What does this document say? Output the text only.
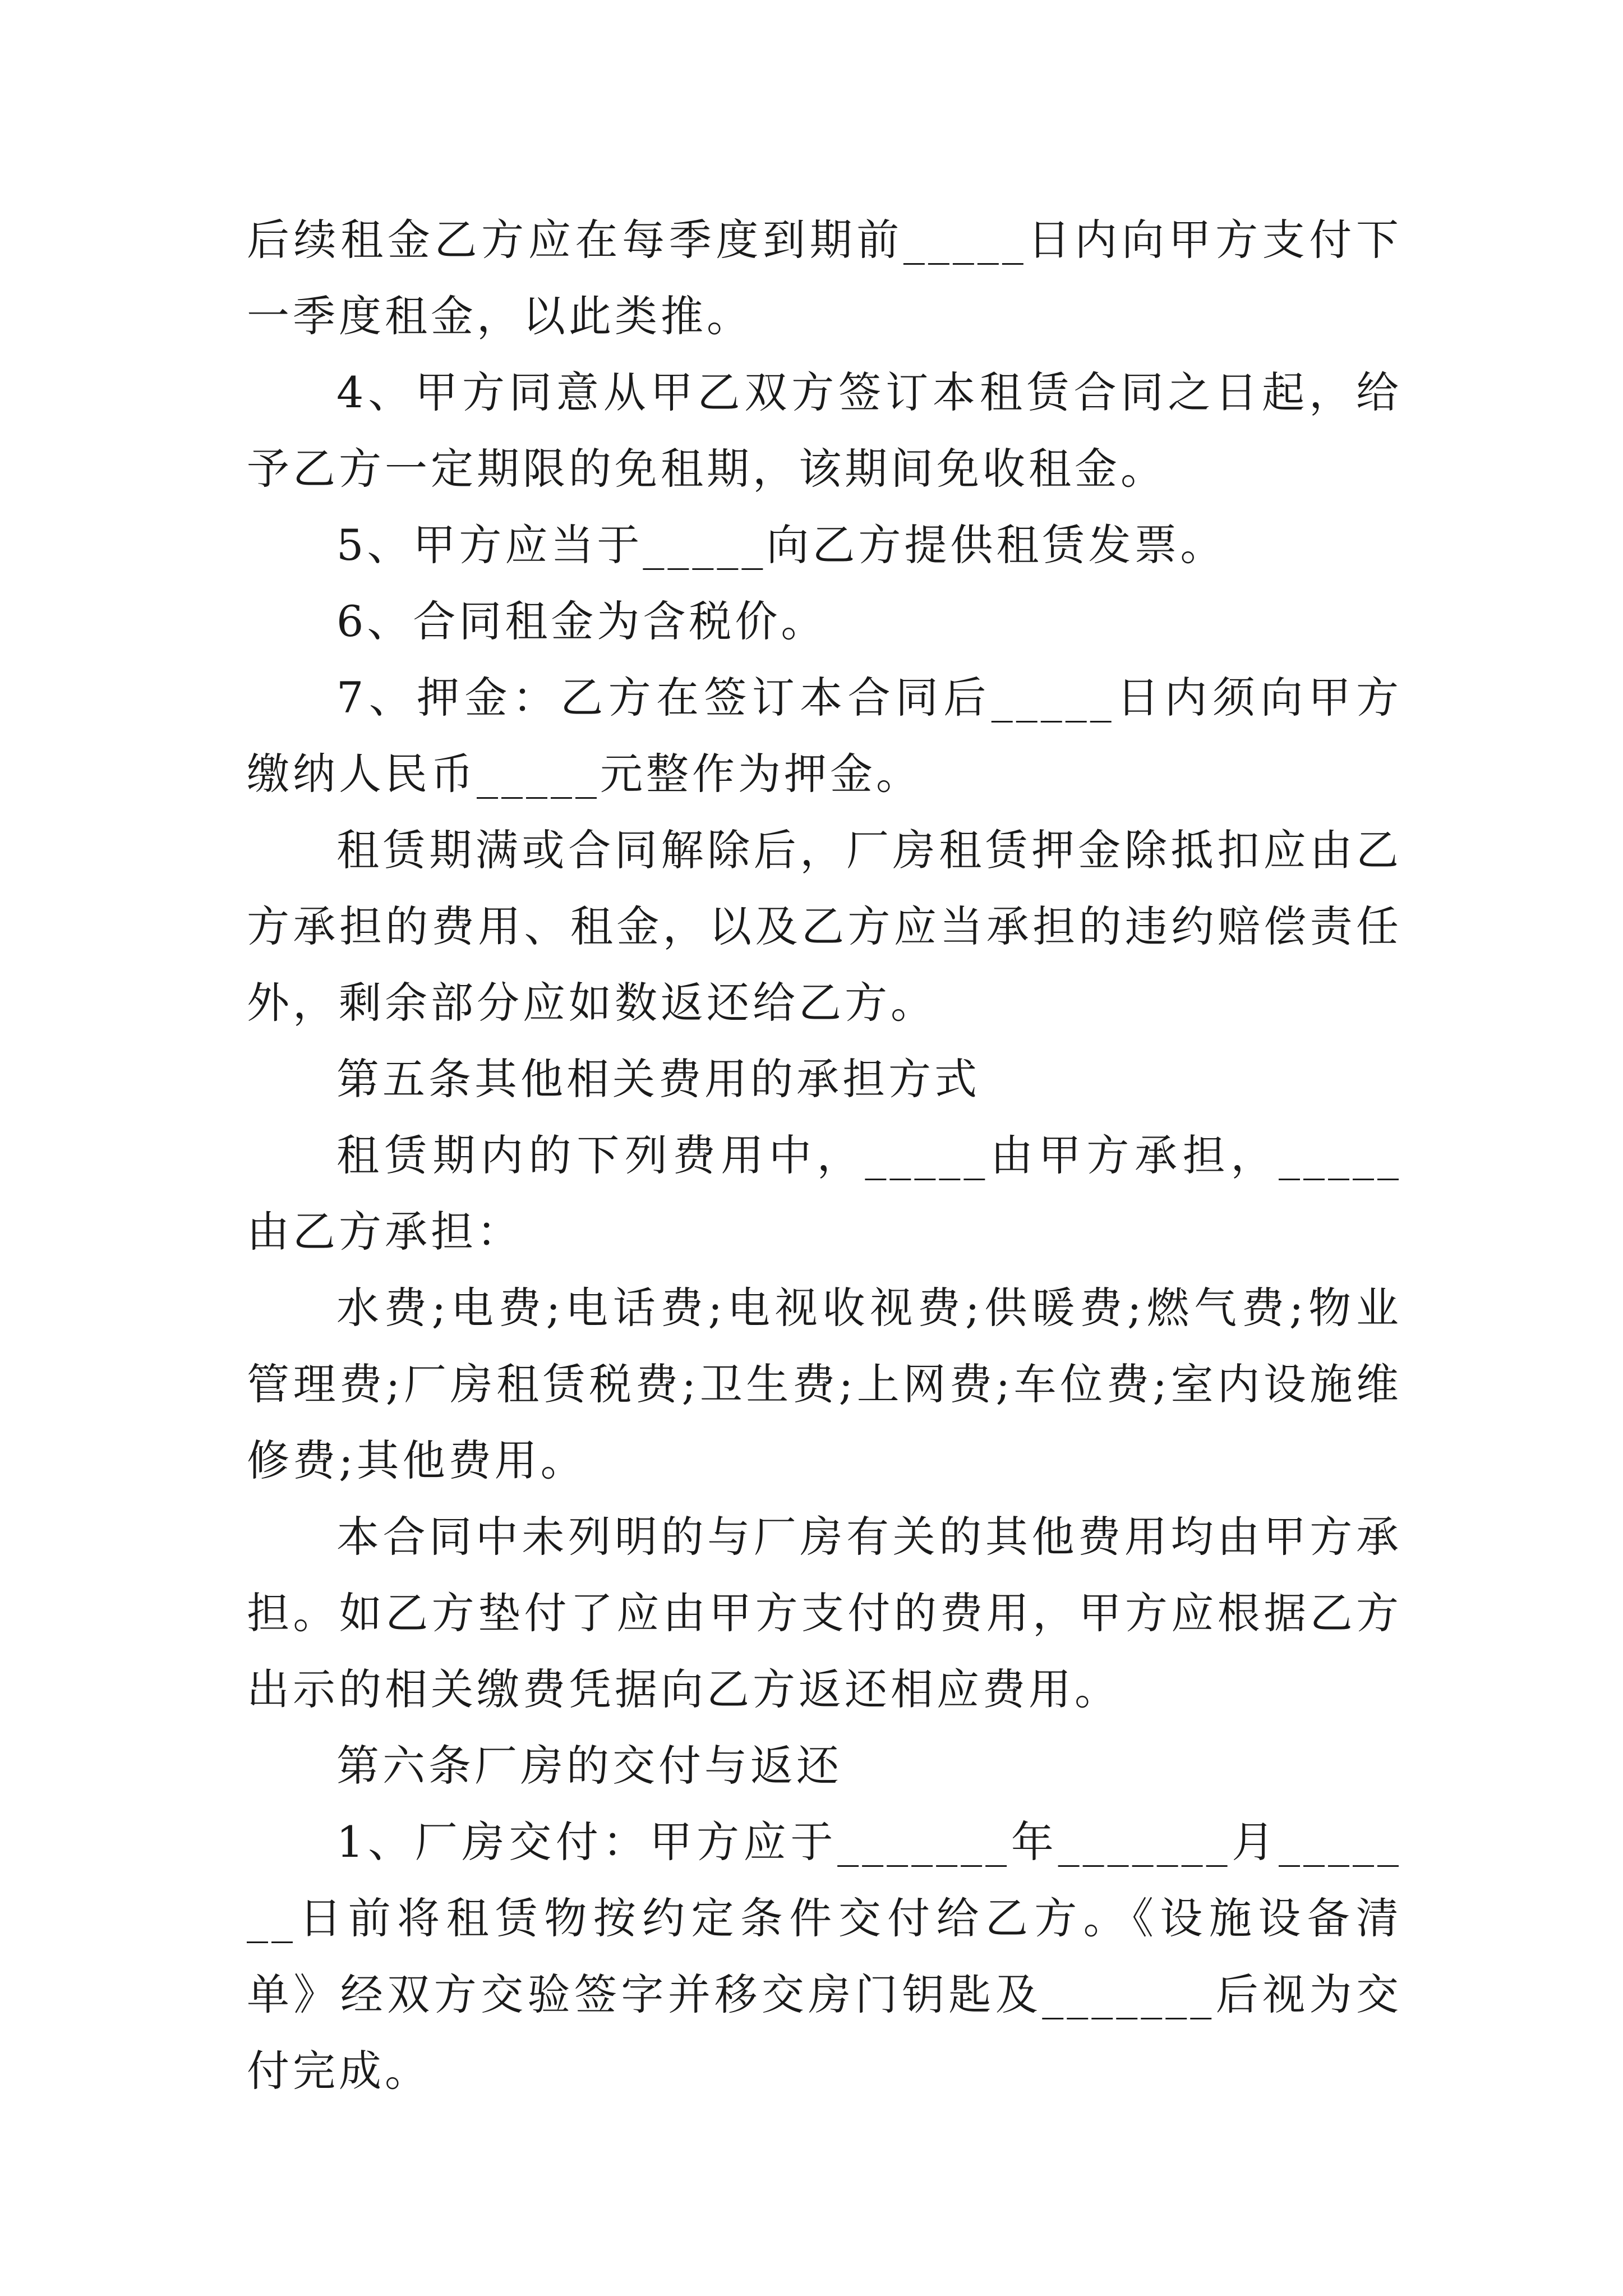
后续租金乙方应在每季度到期前_____日内向甲方支付下一季度租金，以此类推。

4、甲方同意从甲乙双方签订本租赁合同之日起，给予乙方一定期限的免租期，该期间免收租金。

5、甲方应当于_____向乙方提供租赁发票。

6、合同租金为含税价。

7、押金：乙方在签订本合同后_____日内须向甲方缴纳人民币_____元整作为押金。

租赁期满或合同解除后，厂房租赁押金除抵扣应由乙方承担的费用、租金，以及乙方应当承担的违约赔偿责任外，剩余部分应如数返还给乙方。

第五条其他相关费用的承担方式

租赁期内的下列费用中，_____由甲方承担，_____由乙方承担：

水费;电费;电话费;电视收视费;供暖费;燃气费;物业管理费;厂房租赁税费;卫生费;上网费;车位费;室内设施维修费;其他费用。

本合同中未列明的与厂房有关的其他费用均由甲方承担。如乙方垫付了应由甲方支付的费用，甲方应根据乙方出示的相关缴费凭据向乙方返还相应费用。

第六条厂房的交付与返还

1、厂房交付：甲方应于_______年_______月_______日前将租赁物按约定条件交付给乙方。《设施设备清单》经双方交验签字并移交房门钥匙及_______后视为交付完成。
